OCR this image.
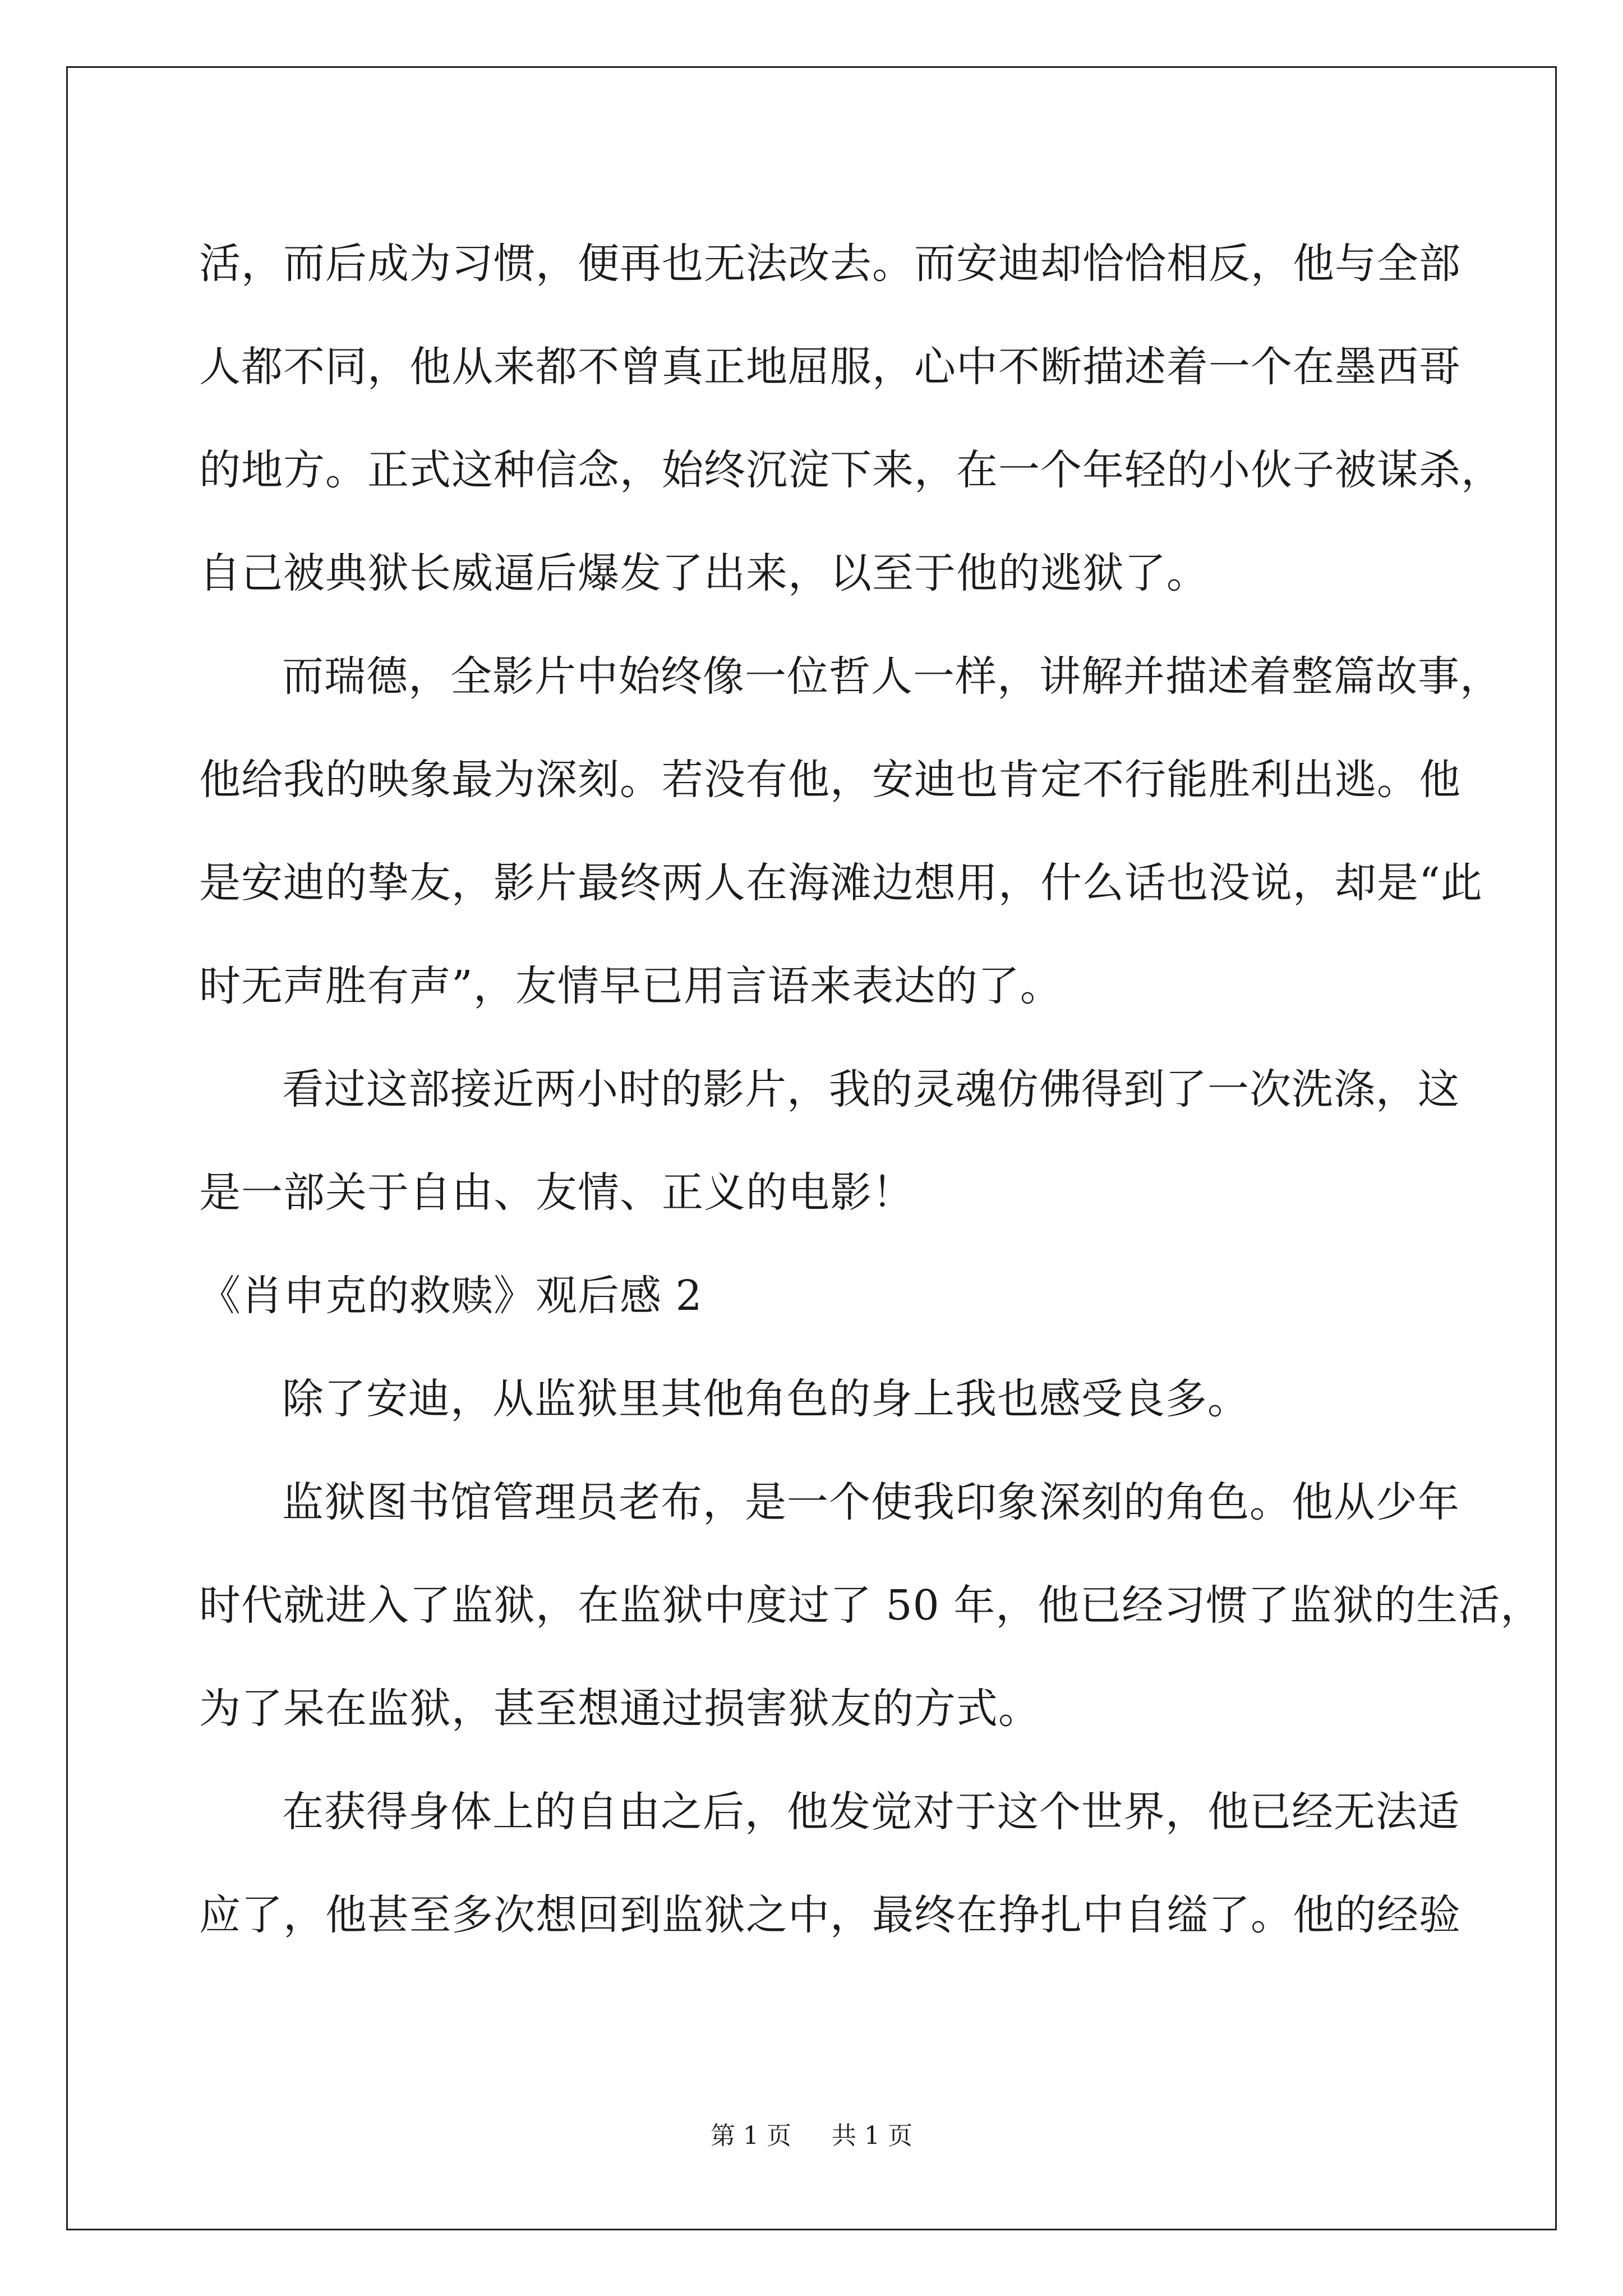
活，而后成为习惯，便再也无法改去。而安迪却恰恰相反，他与全部
人都不同，他从来都不曾真正地屈服，心中不断描述着一个在墨西哥
的地方。正式这种信念，始终沉淀下来，在一个年轻的小伙子被谋杀，
自己被典狱长威逼后爆发了出来，以至于他的逃狱了。
而瑞德，全影片中始终像一位哲人一样，讲解并描述着整篇故事，
他给我的映象最为深刻。若没有他，安迪也肯定不行能胜利出逃。他
是安迪的挚友，影片最终两人在海滩边想用，什么话也没说，却是“此
时无声胜有声”，友情早已用言语来表达的了。
看过这部接近两小时的影片，我的灵魂仿佛得到了一次洗涤，这
是一部关于自由、友情、正义的电影！
《肖申克的救赎》观后感 2
除了安迪，从监狱里其他角色的身上我也感受良多。
监狱图书馆管理员老布，是一个使我印象深刻的角色。他从少年
时代就进入了监狱，在监狱中度过了 50 年，他已经习惯了监狱的生活，
为了呆在监狱，甚至想通过损害狱友的方式。
在获得身体上的自由之后，他发觉对于这个世界，他已经无法适
应了，他甚至多次想回到监狱之中，最终在挣扎中自缢了。他的经验
第 1 页 共 1 页
